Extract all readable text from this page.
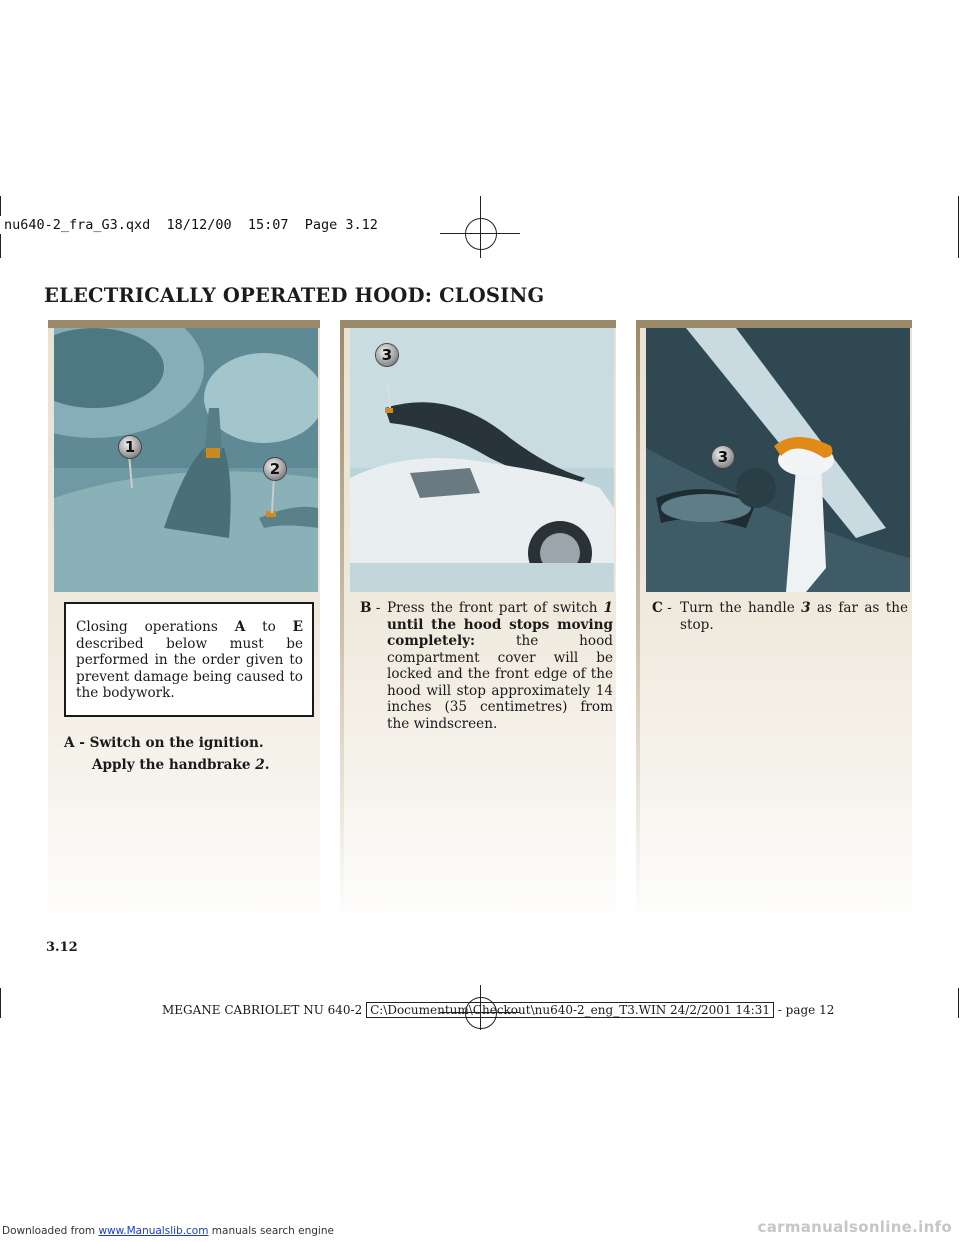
nu640-2_fra_G3.qxd  18/12/00  15:07  Page 3.12
ELECTRICALLY OPERATED HOOD: CLOSING
1
2
3
3
Closing operations A to E described below must be performed in the order given to prevent damage being caused to the bodywork.
A - Switch on the ignition.
Apply the handbrake 2.
B - Press the front part of switch 1 until the hood stops moving completely: the hood compartment cover will be locked and the front edge of the hood will stop approximately 14 inches (35 centimetres) from the windscreen.
C - Turn the handle 3 as far as the stop.
3.12
MEGANE CABRIOLET NU 640-2 C:\Documentum\Checkout\nu640-2_eng_T3.WIN 24/2/2001 14:31 - page 12
Downloaded from www.Manualslib.com manuals search engine	carmanualsonline.info
